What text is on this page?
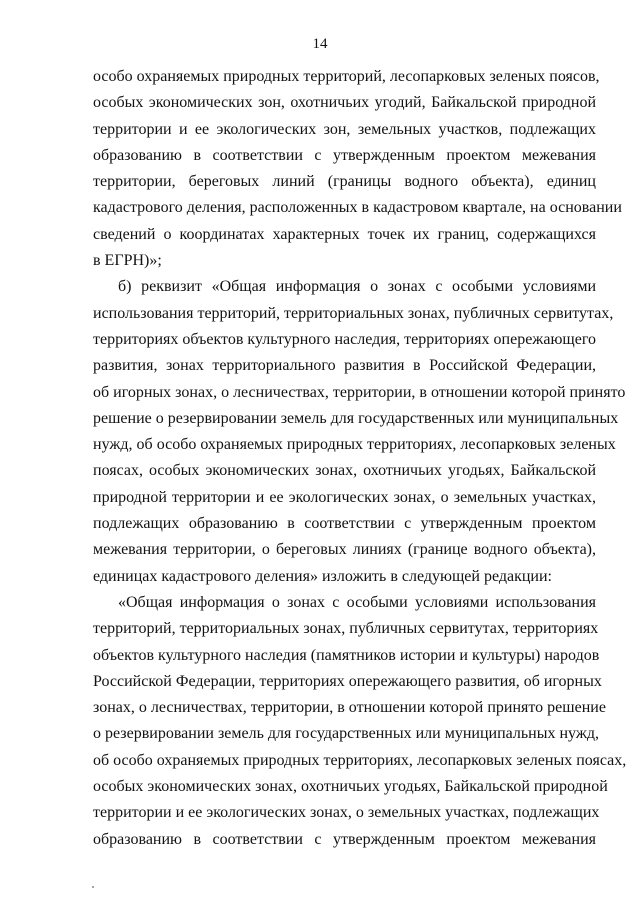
14
особо охраняемых природных территорий, лесопарковых зеленых поясов,
особых экономических зон, охотничьих угодий, Байкальской природной
территории и ее экологических зон, земельных участков, подлежащих
образованию в соответствии с утвержденным проектом межевания
территории, береговых линий (границы водного объекта), единиц
кадастрового деления, расположенных в кадастровом квартале, на основании
сведений о координатах характерных точек их границ, содержащихся
в ЕГРН)»;
б) реквизит «Общая информация о зонах с особыми условиями
использования территорий, территориальных зонах, публичных сервитутах,
территориях объектов культурного наследия, территориях опережающего
развития, зонах территориального развития в Российской Федерации,
об игорных зонах, о лесничествах, территории, в отношении которой принято
решение о резервировании земель для государственных или муниципальных
нужд, об особо охраняемых природных территориях, лесопарковых зеленых
поясах, особых экономических зонах, охотничьих угодьях, Байкальской
природной территории и ее экологических зонах, о земельных участках,
подлежащих образованию в соответствии с утвержденным проектом
межевания территории, о береговых линиях (границе водного объекта),
единицах кадастрового деления» изложить в следующей редакции:
«Общая информация о зонах с особыми условиями использования
территорий, территориальных зонах, публичных сервитутах, территориях
объектов культурного наследия (памятников истории и культуры) народов
Российской Федерации, территориях опережающего развития, об игорных
зонах, о лесничествах, территории, в отношении которой принято решение
о резервировании земель для государственных или муниципальных нужд,
об особо охраняемых природных территориях, лесопарковых зеленых поясах,
особых экономических зонах, охотничьих угодьях, Байкальской природной
территории и ее экологических зонах, о земельных участках, подлежащих
образованию в соответствии с утвержденным проектом межевания
